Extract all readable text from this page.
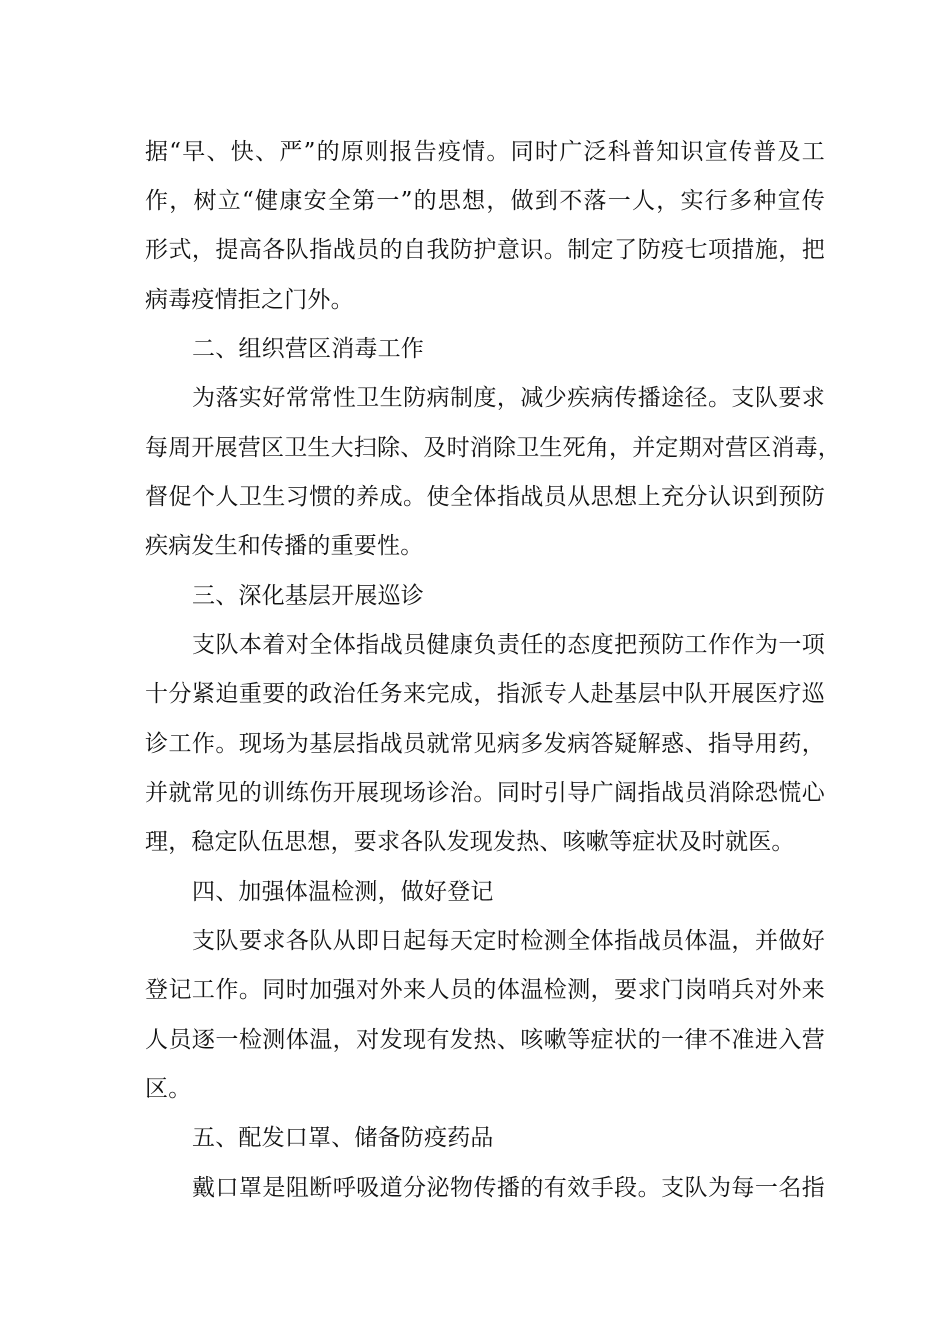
据“早、快、严”的原则报告疫情。同时广泛科普知识宣传普及工
作，树立“健康安全第一”的思想，做到不落一人，实行多种宣传
形式，提高各队指战员的自我防护意识。制定了防疫七项措施，把
病毒疫情拒之门外。
二、组织营区消毒工作
为落实好常常性卫生防病制度，减少疾病传播途径。支队要求
每周开展营区卫生大扫除、及时消除卫生死角，并定期对营区消毒，
督促个人卫生习惯的养成。使全体指战员从思想上充分认识到预防
疾病发生和传播的重要性。
三、深化基层开展巡诊
支队本着对全体指战员健康负责任的态度把预防工作作为一项
十分紧迫重要的政治任务来完成，指派专人赴基层中队开展医疗巡
诊工作。现场为基层指战员就常见病多发病答疑解惑、指导用药，
并就常见的训练伤开展现场诊治。同时引导广阔指战员消除恐慌心
理，稳定队伍思想，要求各队发现发热、咳嗽等症状及时就医。
四、加强体温检测，做好登记
支队要求各队从即日起每天定时检测全体指战员体温，并做好
登记工作。同时加强对外来人员的体温检测，要求门岗哨兵对外来
人员逐一检测体温，对发现有发热、咳嗽等症状的一律不准进入营
区。
五、配发口罩、储备防疫药品
戴口罩是阻断呼吸道分泌物传播的有效手段。支队为每一名指
